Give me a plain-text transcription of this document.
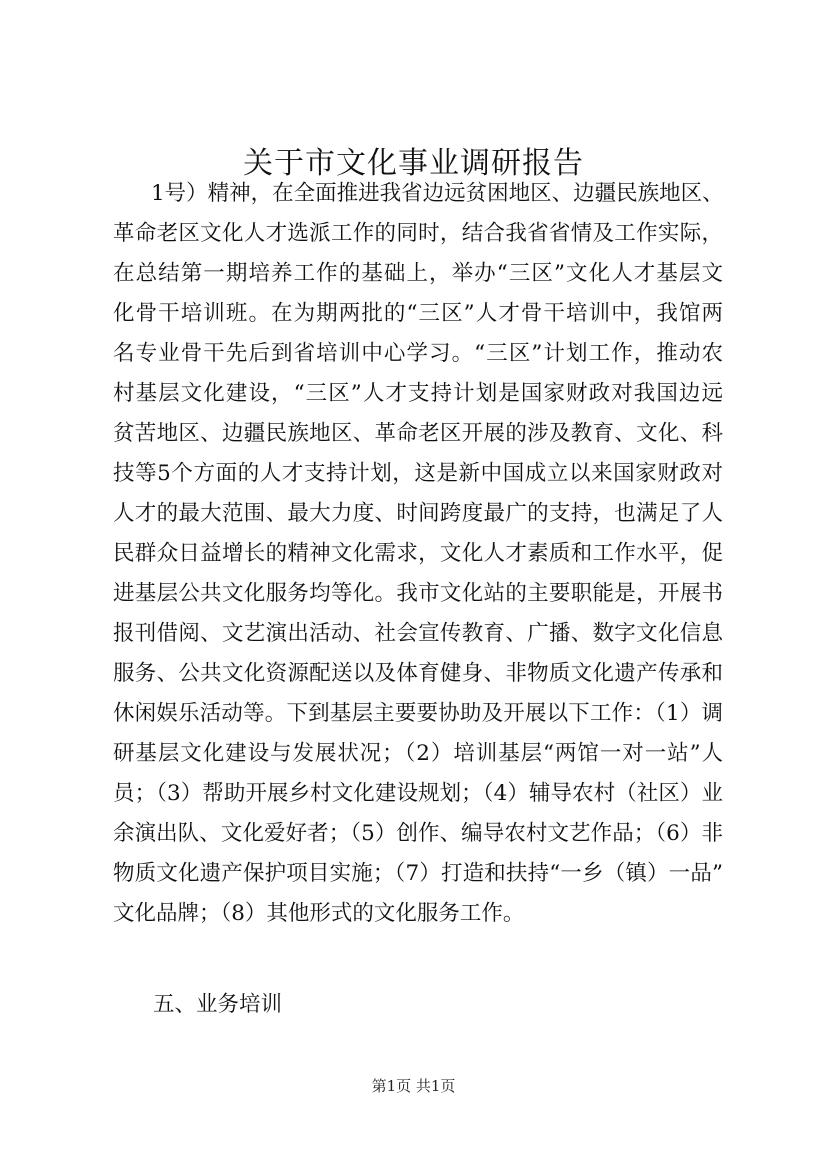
关于市文化事业调研报告
1号）精神，在全面推进我省边远贫困地区、边疆民族地区、
革命老区文化人才选派工作的同时，结合我省省情及工作实际，
在总结第一期培养工作的基础上，举办“三区”文化人才基层文
化骨干培训班。在为期两批的“三区”人才骨干培训中，我馆两
名专业骨干先后到省培训中心学习。“三区”计划工作，推动农
村基层文化建设，“三区”人才支持计划是国家财政对我国边远
贫苦地区、边疆民族地区、革命老区开展的涉及教育、文化、科
技等5个方面的人才支持计划，这是新中国成立以来国家财政对
人才的最大范围、最大力度、时间跨度最广的支持，也满足了人
民群众日益增长的精神文化需求，文化人才素质和工作水平，促
进基层公共文化服务均等化。我市文化站的主要职能是，开展书
报刊借阅、文艺演出活动、社会宣传教育、广播、数字文化信息
服务、公共文化资源配送以及体育健身、非物质文化遗产传承和
休闲娱乐活动等。下到基层主要要协助及开展以下工作：（1）调
研基层文化建设与发展状况；（2）培训基层“两馆一对一站”人
员；（3）帮助开展乡村文化建设规划；（4）辅导农村（社区）业
余演出队、文化爱好者；（5）创作、编导农村文艺作品；（6）非
物质文化遗产保护项目实施；（7）打造和扶持“一乡（镇）一品”
文化品牌；（8）其他形式的文化服务工作。
五、业务培训
第1页 共1页
